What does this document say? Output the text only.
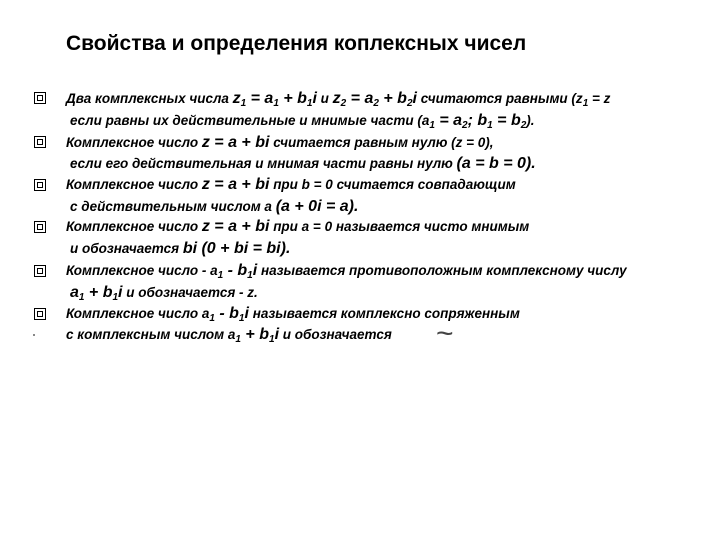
Свойства и определения коплексных чисел
Два комплексных числа $z_1 = a_1 + b_1i$ и $z_2 = a_2 + b_2i$ считаются равными ($z_1 = z$
если равны их действительные и мнимые части ($a_1 = a_2$; $b_1 = b_2$).
Комплексное число z = a + bi считается равным нулю (z = 0),
если его действительная и мнимая части равны нулю (a = b = 0).
Комплексное число z = a + bi при b = 0 считается совпадающим
с действительным числом a (a + 0i = a).
Комплексное число z = a + bi при a = 0 называется чисто мнимым
и обозначается bi (0 + bi = bi).
Комплексное число - $a_1 - b_1i$ называется противоположным комплексному числу
$a_1 + b_1i$ и обозначается - z.
Комплексное число $a_1 - b_1i$ называется комплексно сопряженным
с комплексным числом $a_1 + b_1i$ и обозначается ~
